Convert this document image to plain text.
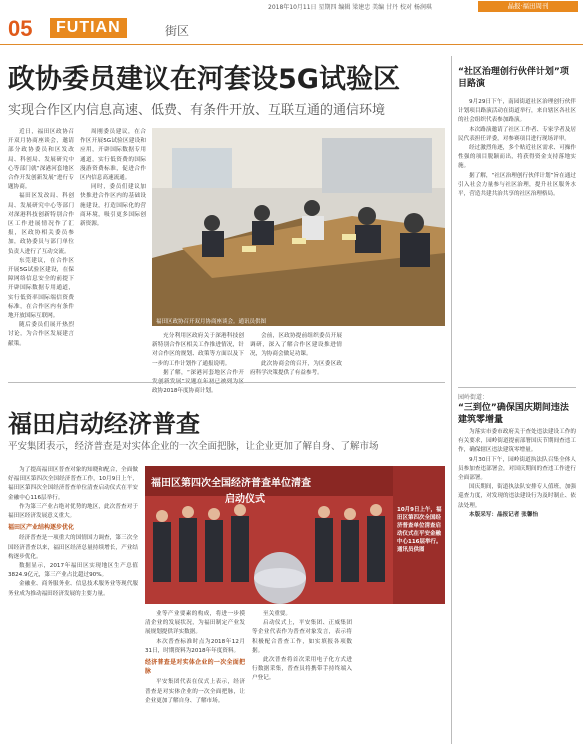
2018年10月11日 星期四 编辑 梁建忠 美编 甘丹 校对 杨润琪	晶报·福田周刊
05	FUTIAN	街区
政协委员建议在河套设5G试验区
实现合作区内信息高速、低费、有条件开放、互联互通的通信环境

近日，福田区政协召开双月协商座谈会，邀请部分政协委员和区发改局、科创局、发展研究中心等部门就“深港河套地区合作开发创新发展”进行专题协商。

福田区发改局、科创局、发展研究中心等部门对深港科技创新特别合作区工作进展情况作了汇报，区政协相关委员参加，政协委员与部门单位负责人进行了互动交流。

东莞建议，在合作区开展5G试验区建设，在保障网络信息安全的前提下开辟国际数据专用通道，实行低资率国际端信资费标准，在合作区内有条件地开放国际互联网。

随后委员们展开热烈讨论，为合作区发展建言献策。

周刚委员建议，在合作区开展5G试验区建设和应用，开辟国际数据专用通道，实行低资费的国际漫游资费标准，促进合作区内信息高速流通。

同时，委员们建议加快推进合作区内的基础设施建设，打造国际化的营商环境，吸引更多国际创新资源。

福田区政协召开双月协商座谈会。通讯员供图

充分利用区政府关于深港科技创新特别合作区相关工作推进情况，针对合作区的规划、政策等方面以及下一步的工作计划作了通报说明。

据了解，“深港河套地区合作开 政协2018年度协商计划。

会前，区政协提前组织委员开展调研，深入了解合作区建设推进情况，为协商会做足功课。

此次协商会的召开，为区委区政府科学决策提供了有益参考。

福田启动经济普查
平安集团表示，经济普查是对实体企业的一次全面把脉，让企业更加了解自身、了解市场

为了提高福田区普查对象的知晓和配合，全面做好福田区第四次全国经济普查工作，10月9日上午，福田区第四次全国经济普查单位清查启动仪式在平安金融中心116层举行。

作为第三产业占绝对优势的地区，此次普查对于福田区经济发展意义重大。

福田区产业结构逐步优化

经济普查是一项重大的国情国力调查，第三次全国经济普查以来，福田区经济总量持续增长，产业结构逐步优化。

数据显示，2017年福田区实现地区生产总值3824.9亿元，第三产业占比超过90%。

金融业、商务服务业、信息技术服务业等现代服务业成为推动福田经济发展的主要力量。

福田区第四次全国经济普查单位清查
启动仪式
10月9日上午，福田区第四次全国经济普查单位清查启动仪式在平安金融中心116层举行。通讯员供图

业等产业要素的构成，将进一步摸清企业的发展状况，为福田制定产业发展规划提供详实数据。

本次普查标准时点为2018年12月31日，时期资料为2018年年度资料。

经济普查是对实体企业的一次全面把脉

平安集团代表在仪式上表示，经济普查是对实体企业的一次全面把脉，让企业更加了解自身、了解市场。

至关重要。

启动仪式上，平安集团、正威集团等企业代表作为普查对象发言，表示将积极配合普查工作，如实填报各项数据。

此次普查将首次采用电子化方式进行数据采集，普查员将携带手持终端入户登记。

“社区治理创行伙伴计划”项目路演

9月29日下午，南园街道社区治理创行伙伴计划项目路演活动在街道举行，来自辖区各社区的社会组织代表参加路演。

本次路演邀请了社区工作者、专家学者及居民代表担任评委，对参赛项目进行现场评审。

经过激烈角逐，多个贴近社区需求、可操作性强的项目脱颖而出，将获得资金支持落地实施。

据了解，“社区治理创行伙伴计划”旨在通过引入社会力量参与社区治理，提升社区服务水平，营造共建共治共享的社区治理格局。

园岭街道：
“三到位”确保国庆期间违法建筑零增量

为落实市委市政府关于查处违法建设工作的有关要求，园岭街道提前部署国庆节期间查违工作，确保辖区违法建筑零增量。

9月30日下午，园岭街道执法队召集全体人员参加查违部署会，对国庆期间的查违工作进行全面部署。

国庆期间，街道执法队安排专人值班，加强巡查力度，对发现的违法建设行为及时制止、依法处理。

本版采写：晶报记者 张馨怡
